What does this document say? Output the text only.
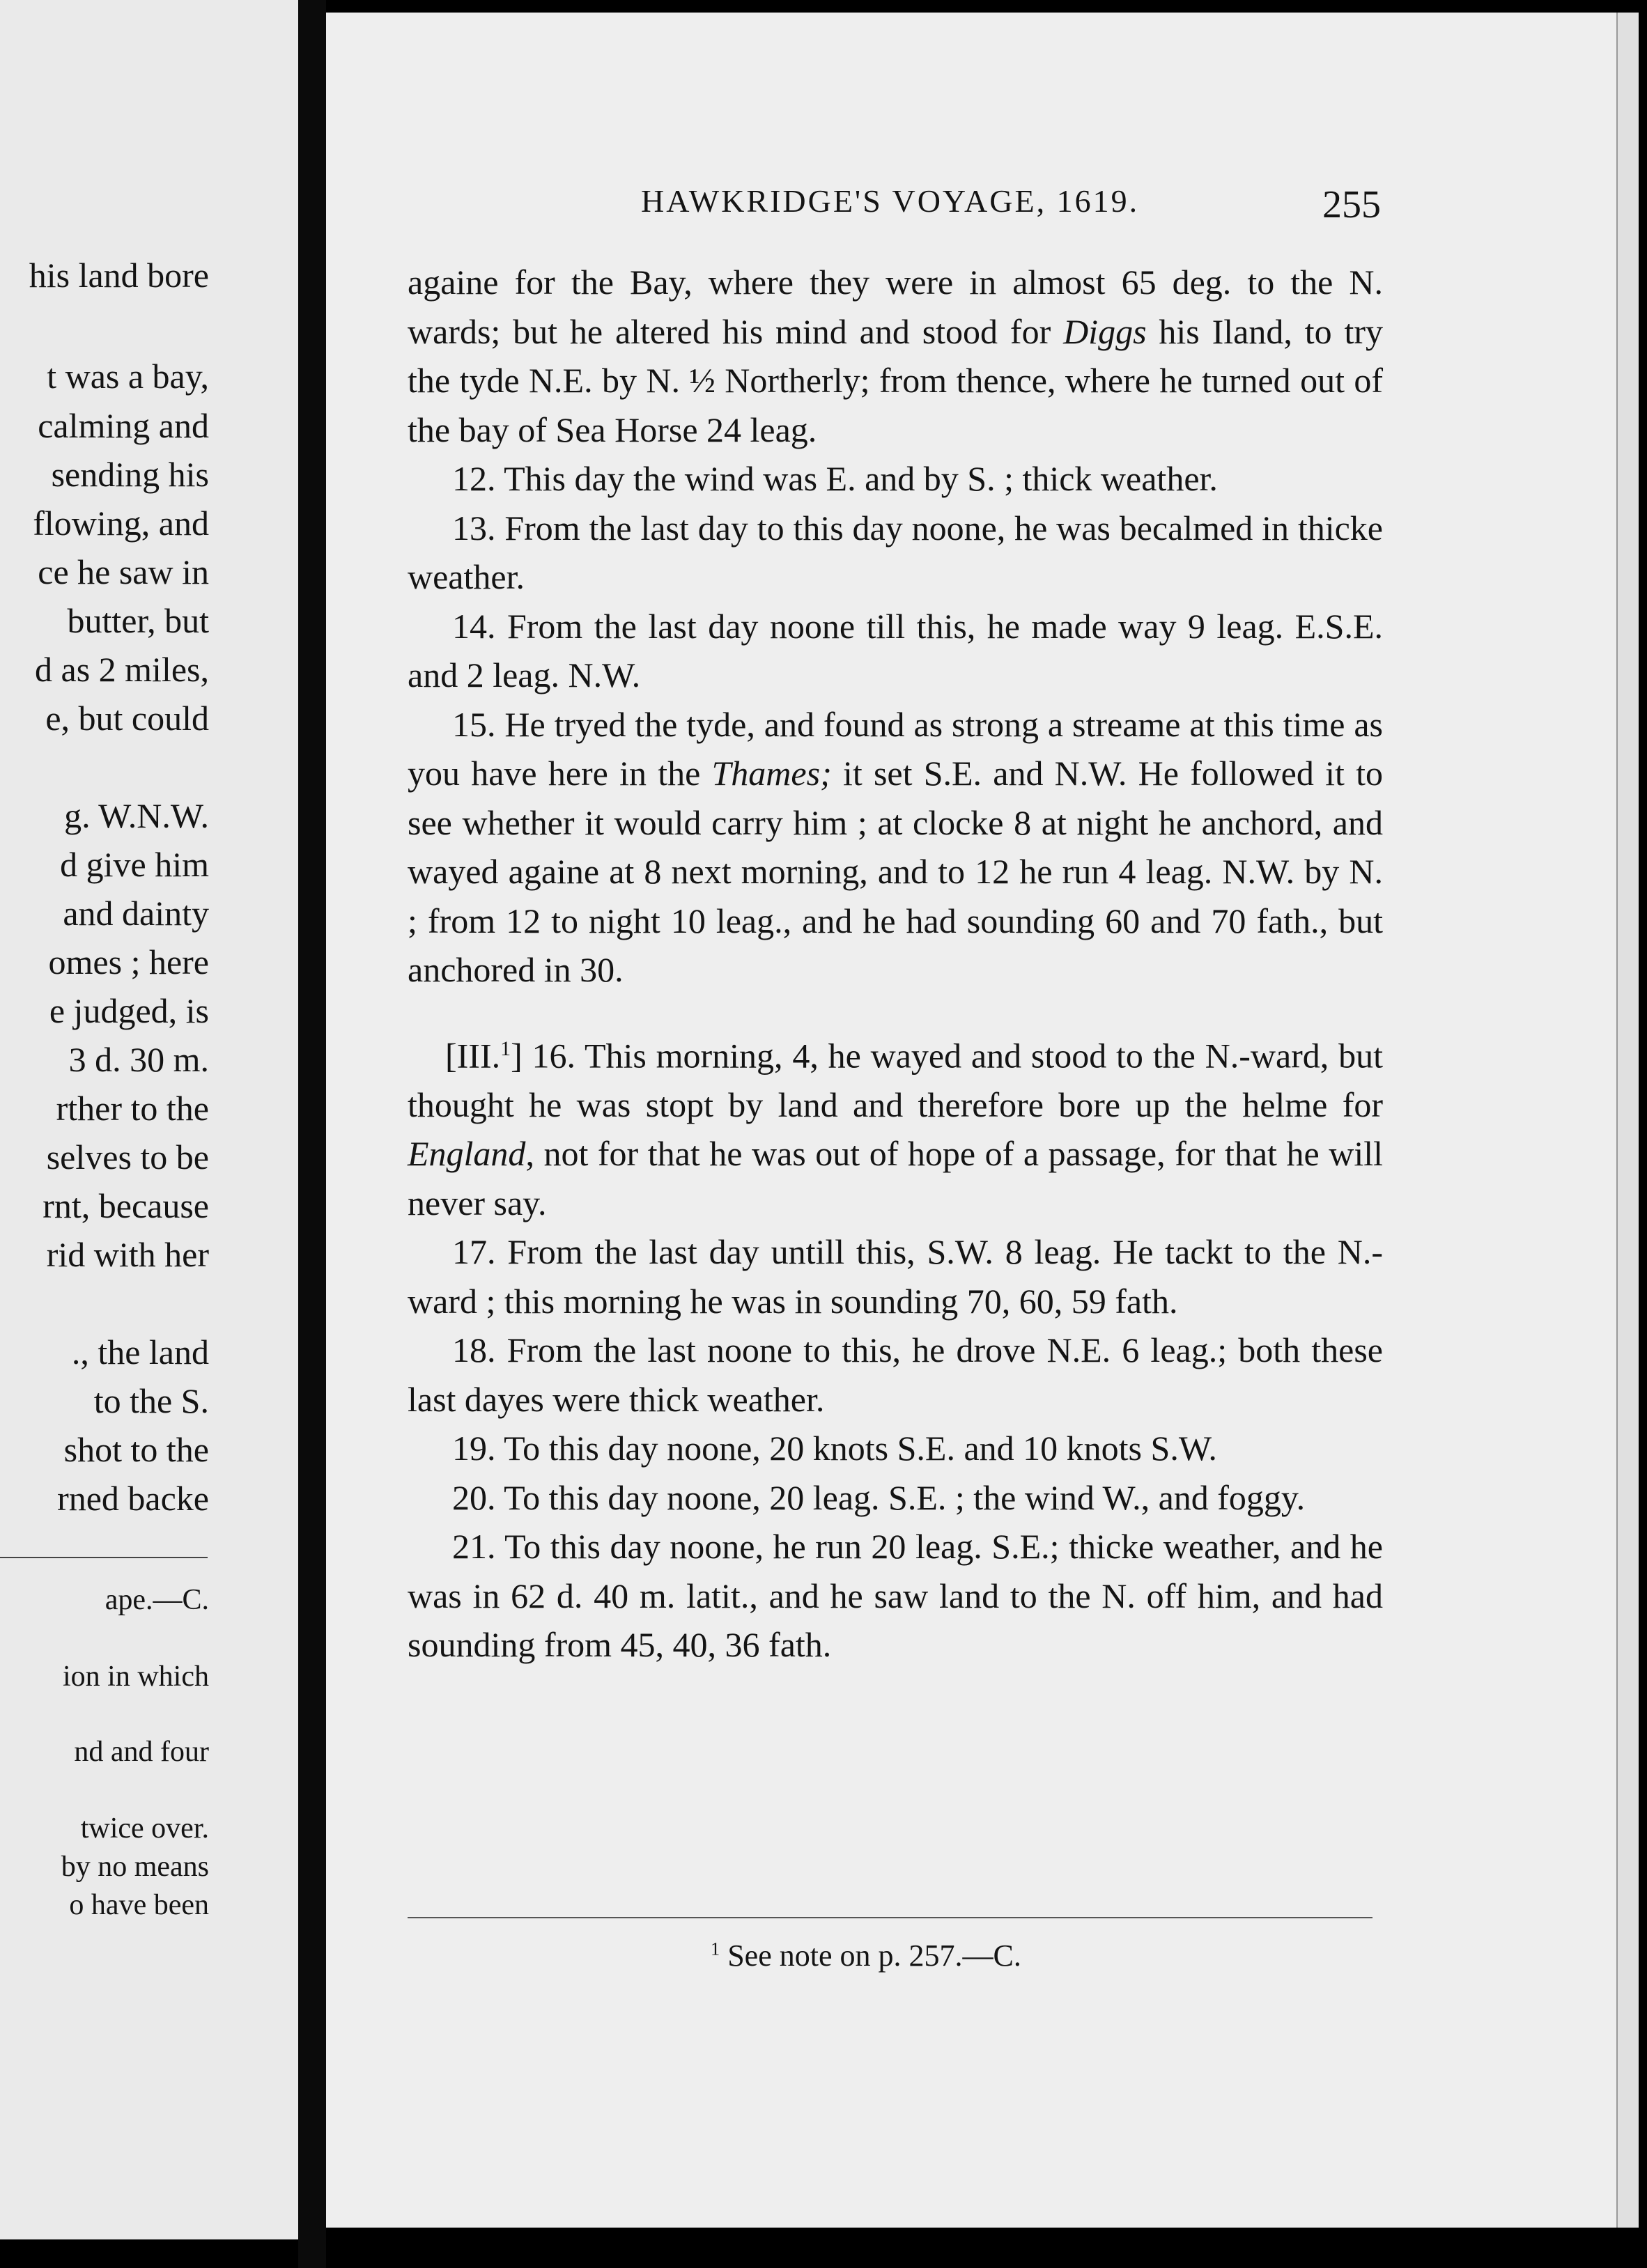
his land bore
t was a bay,
calming and
sending his
flowing, and
ce he saw in
butter, but
d as 2 miles,
e, but could
g. W.N.W.
d give him
and dainty
omes ; here
e judged, is
3 d. 30 m.
rther to the
selves to be
rnt, because
rid with her
., the land
to the S.
shot to the
rned backe
ape.—C.
ion in which
nd and four
twice over.
by no means
o have been
HAWKRIDGE'S VOYAGE, 1619.	255

againe for the Bay, where they were in almost 65 deg. to the N. wards; but he altered his mind and stood for Diggs his Iland, to try the tyde N.E. by N. ½ Northerly; from thence, where he turned out of the bay of Sea Horse 24 leag.

12. This day the wind was E. and by S. ; thick weather.

13. From the last day to this day noone, he was becalmed in thicke weather.

14. From the last day noone till this, he made way 9 leag. E.S.E. and 2 leag. N.W.

15. He tryed the tyde, and found as strong a streame at this time as you have here in the Thames; it set S.E. and N.W. He followed it to see whether it would carry him ; at clocke 8 at night he anchord, and wayed againe at 8 next morning, and to 12 he run 4 leag. N.W. by N. ; from 12 to night 10 leag., and he had sounding 60 and 70 fath., but anchored in 30.

[III.$^1$] 16. This morning, 4, he wayed and stood to the N.-ward, but thought he was stopt by land and therefore bore up the helme for England, not for that he was out of hope of a passage, for that he will never say.

17. From the last day untill this, S.W. 8 leag. He tackt to the N.-ward ; this morning he was in sounding 70, 60, 59 fath.

18. From the last noone to this, he drove N.E. 6 leag.; both these last dayes were thick weather.

19. To this day noone, 20 knots S.E. and 10 knots S.W.

20. To this day noone, 20 leag. S.E. ; the wind W., and foggy.

21. To this day noone, he run 20 leag. S.E.; thicke weather, and he was in 62 d. 40 m. latit., and he saw land to the N. off him, and had sounding from 45, 40, 36 fath.

$^1$ See note on p. 257.—C.
